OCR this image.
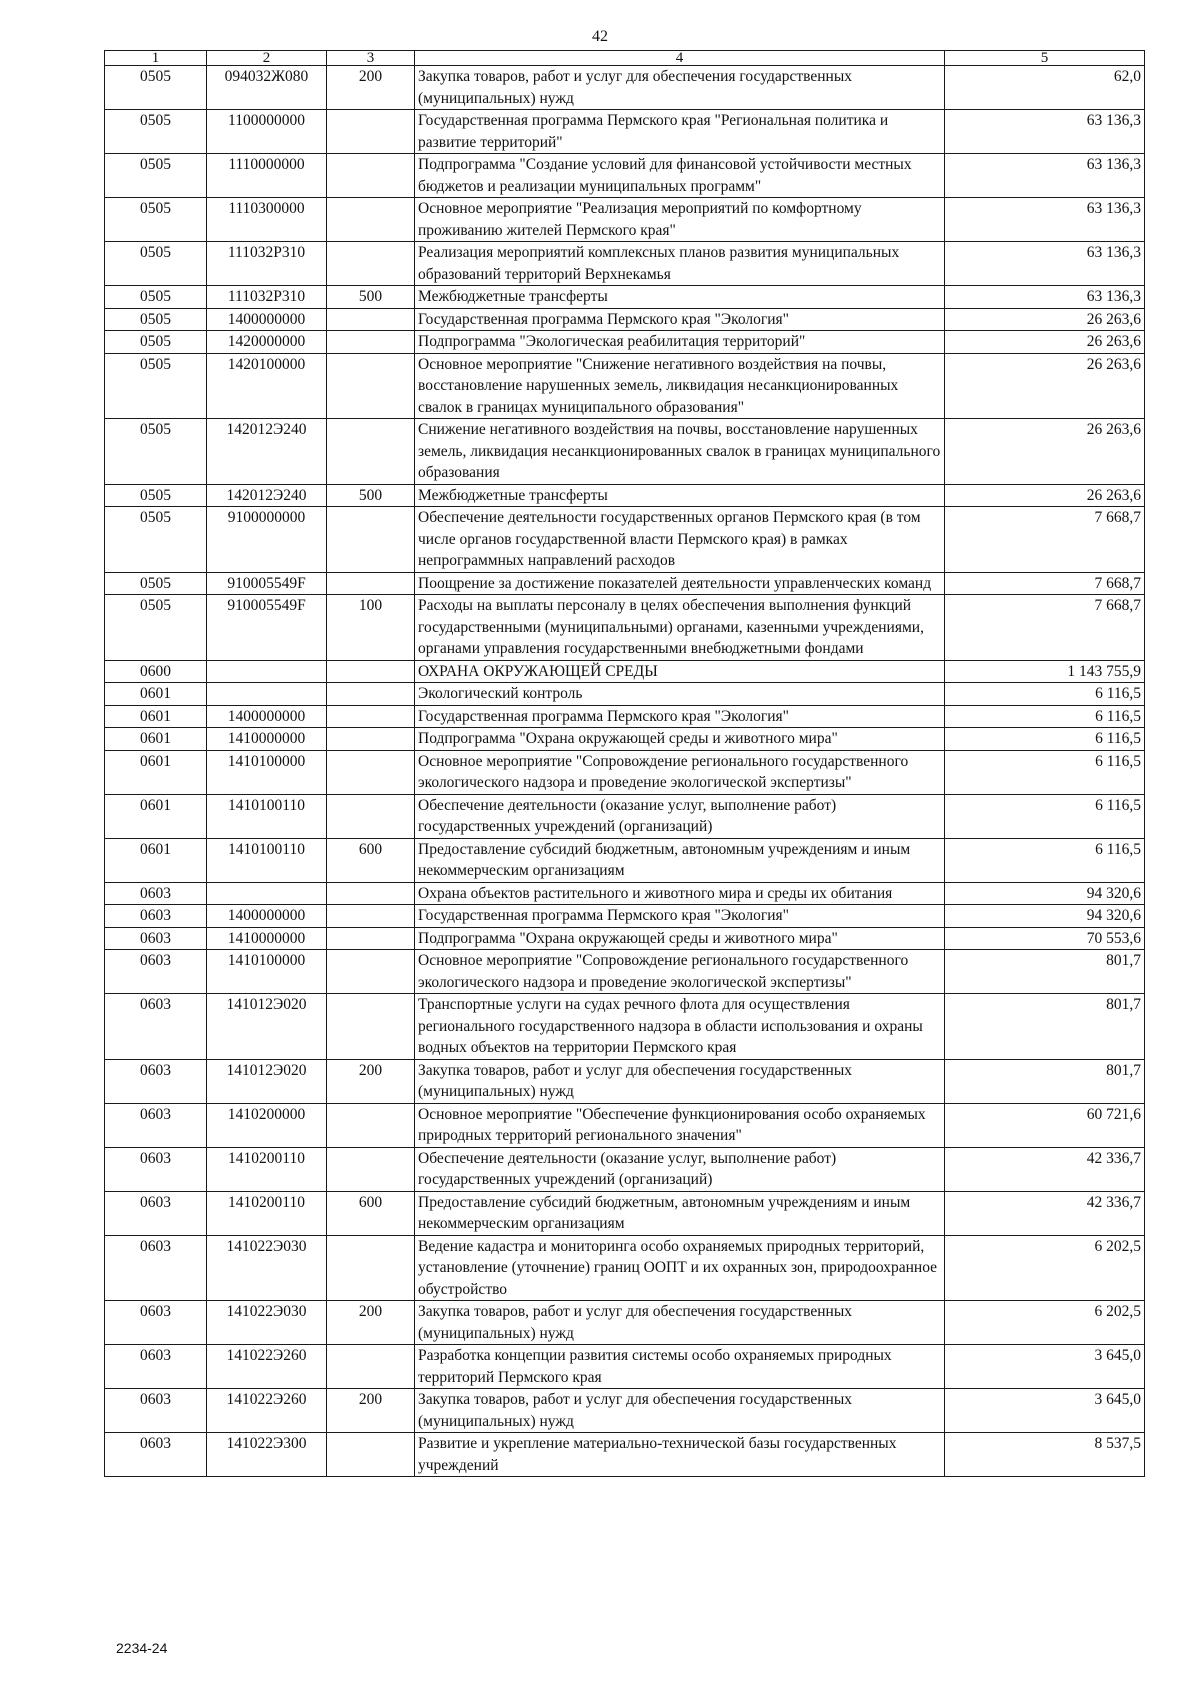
42
1	2	3	4	5
0505	094032Ж080	200	Закупка товаров, работ и услуг для обеспечения государственных (муниципальных) нужд	62,0
0505	1100000000		Государственная программа Пермского края "Региональная политика и развитие территорий"	63 136,3
0505	1110000000		Подпрограмма "Создание условий для финансовой устойчивости местных бюджетов и реализации муниципальных программ"	63 136,3
0505	1110300000		Основное мероприятие "Реализация мероприятий по комфортному проживанию жителей Пермского края"	63 136,3
0505	111032Р310		Реализация мероприятий комплексных планов развития муниципальных образований территорий Верхнекамья	63 136,3
0505	111032Р310	500	Межбюджетные трансферты	63 136,3
0505	1400000000		Государственная программа Пермского края "Экология"	26 263,6
0505	1420000000		Подпрограмма "Экологическая реабилитация территорий"	26 263,6
0505	1420100000		Основное мероприятие "Снижение негативного воздействия на почвы, восстановление нарушенных земель, ликвидация несанкционированных свалок в границах муниципального образования"	26 263,6
0505	142012Э240		Снижение негативного воздействия на почвы, восстановление нарушенных земель, ликвидация несанкционированных свалок в границах муниципального образования	26 263,6
0505	142012Э240	500	Межбюджетные трансферты	26 263,6
0505	9100000000		Обеспечение деятельности государственных органов Пермского края (в том числе органов государственной власти Пермского края) в рамках непрограммных направлений расходов	7 668,7
0505	910005549F		Поощрение за достижение показателей деятельности управленческих команд	7 668,7
0505	910005549F	100	Расходы на выплаты персоналу в целях обеспечения выполнения функций государственными (муниципальными) органами, казенными учреждениями, органами управления государственными внебюджетными фондами	7 668,7
0600			ОХРАНА ОКРУЖАЮЩЕЙ СРЕДЫ	1 143 755,9
0601			Экологический контроль	6 116,5
0601	1400000000		Государственная программа Пермского края "Экология"	6 116,5
0601	1410000000		Подпрограмма "Охрана окружающей среды и животного мира"	6 116,5
0601	1410100000		Основное мероприятие "Сопровождение регионального государственного экологического надзора и проведение экологической экспертизы"	6 116,5
0601	1410100110		Обеспечение деятельности (оказание услуг, выполнение работ) государственных учреждений (организаций)	6 116,5
0601	1410100110	600	Предоставление субсидий бюджетным, автономным учреждениям и иным некоммерческим организациям	6 116,5
0603			Охрана объектов растительного и животного мира и среды их обитания	94 320,6
0603	1400000000		Государственная программа Пермского края "Экология"	94 320,6
0603	1410000000		Подпрограмма "Охрана окружающей среды и животного мира"	70 553,6
0603	1410100000		Основное мероприятие "Сопровождение регионального государственного экологического надзора и проведение экологической экспертизы"	801,7
0603	141012Э020		Транспортные услуги на судах речного флота для осуществления регионального государственного надзора в области использования и охраны водных объектов на территории Пермского края	801,7
0603	141012Э020	200	Закупка товаров, работ и услуг для обеспечения государственных (муниципальных) нужд	801,7
0603	1410200000		Основное мероприятие "Обеспечение функционирования особо охраняемых природных территорий регионального значения"	60 721,6
0603	1410200110		Обеспечение деятельности (оказание услуг, выполнение работ) государственных учреждений (организаций)	42 336,7
0603	1410200110	600	Предоставление субсидий бюджетным, автономным учреждениям и иным некоммерческим организациям	42 336,7
0603	141022Э030		Ведение кадастра и мониторинга особо охраняемых природных территорий, установление (уточнение) границ ООПТ и их охранных зон, природоохранное обустройство	6 202,5
0603	141022Э030	200	Закупка товаров, работ и услуг для обеспечения государственных (муниципальных) нужд	6 202,5
0603	141022Э260		Разработка концепции развития системы особо охраняемых природных территорий Пермского края	3 645,0
0603	141022Э260	200	Закупка товаров, работ и услуг для обеспечения государственных (муниципальных) нужд	3 645,0
0603	141022Э300		Развитие и укрепление материально-технической базы государственных учреждений	8 537,5
2234-24
